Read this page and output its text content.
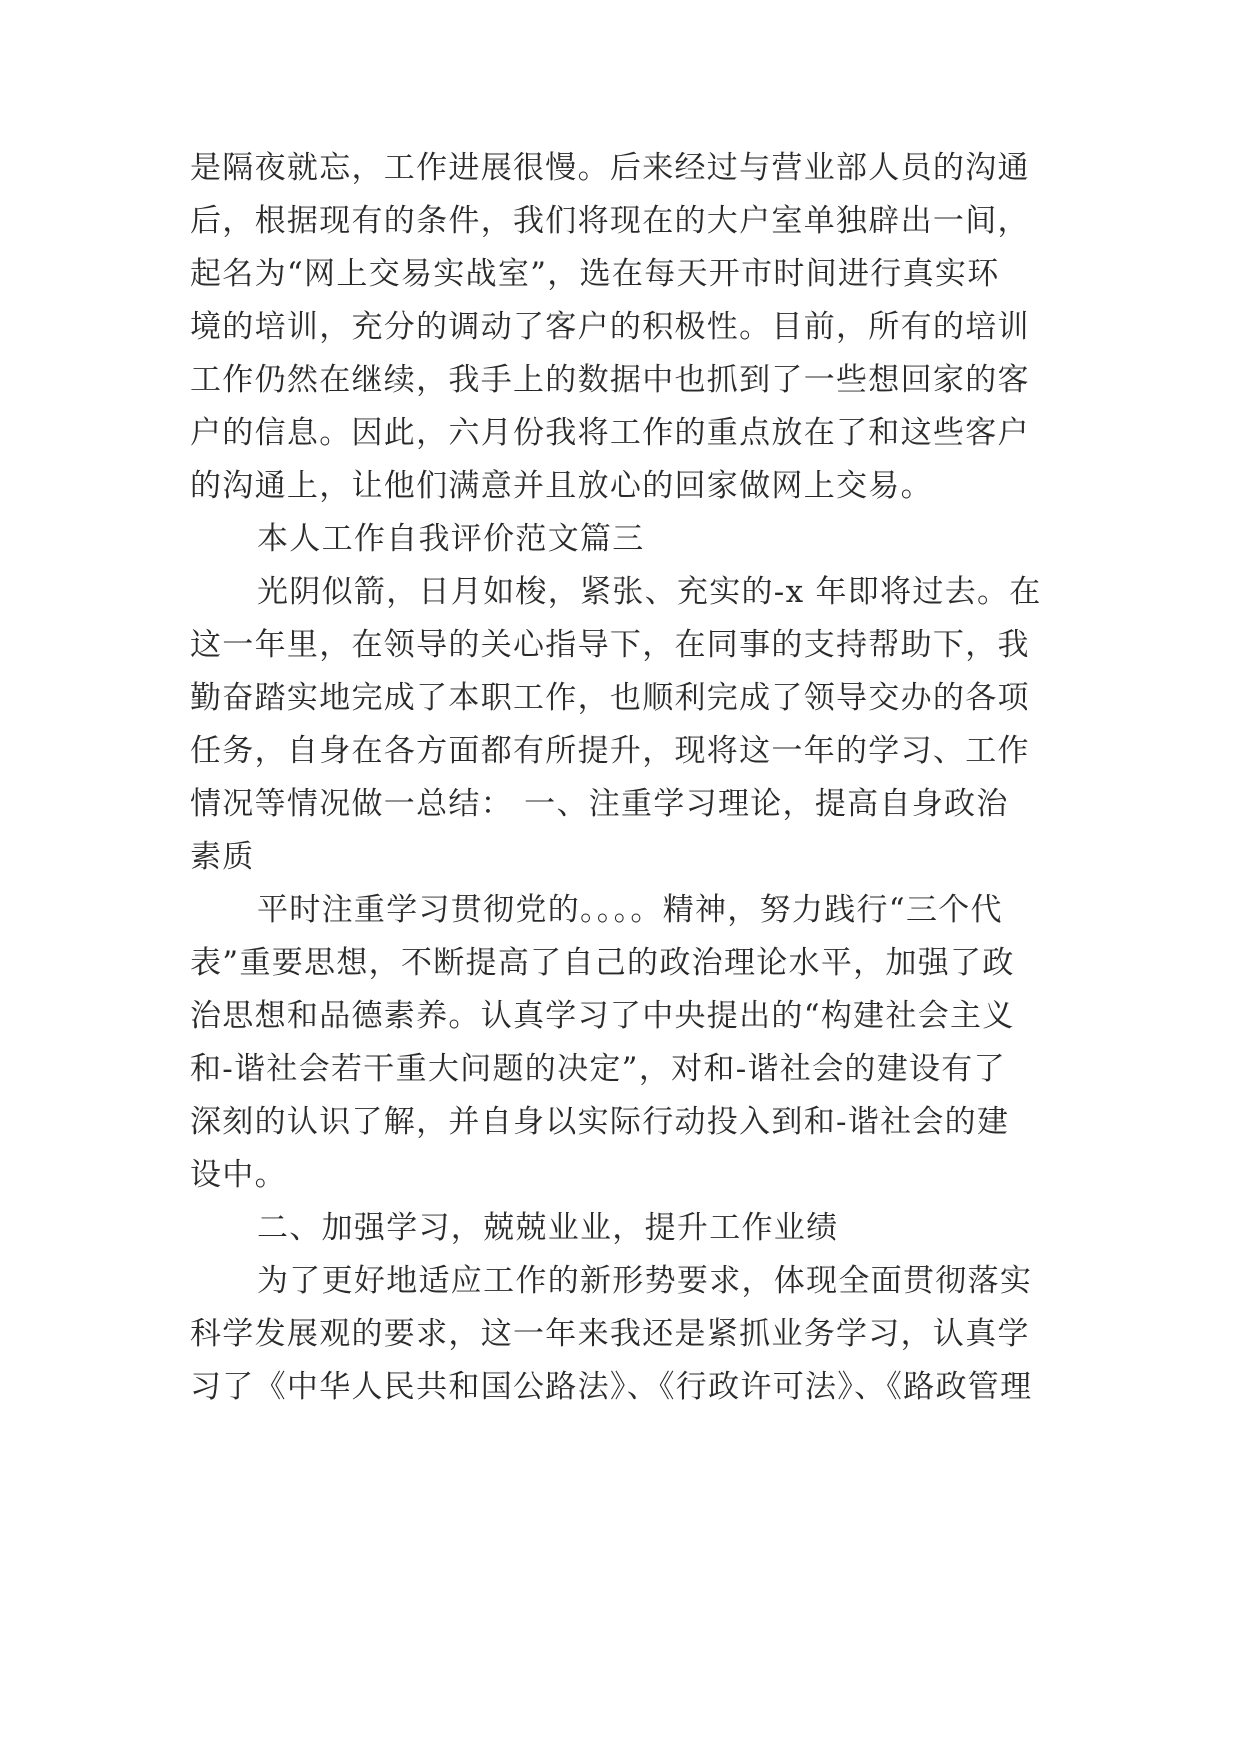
是隔夜就忘，工作进展很慢。后来经过与营业部人员的沟通
后，根据现有的条件，我们将现在的大户室单独辟出一间，
起名为“网上交易实战室”，选在每天开市时间进行真实环
境的培训，充分的调动了客户的积极性。目前，所有的培训
工作仍然在继续，我手上的数据中也抓到了一些想回家的客
户的信息。因此，六月份我将工作的重点放在了和这些客户
的沟通上，让他们满意并且放心的回家做网上交易。
本人工作自我评价范文篇三
光阴似箭，日月如梭，紧张、充实的-x 年即将过去。在
这一年里，在领导的关心指导下，在同事的支持帮助下，我
勤奋踏实地完成了本职工作，也顺利完成了领导交办的各项
任务，自身在各方面都有所提升，现将这一年的学习、工作
情况等情况做一总结： 一、注重学习理论，提高自身政治
素质
平时注重学习贯彻党的。。。。精神，努力践行“三个代
表”重要思想，不断提高了自己的政治理论水平，加强了政
治思想和品德素养。认真学习了中央提出的“构建社会主义
和-谐社会若干重大问题的决定”，对和-谐社会的建设有了
深刻的认识了解，并自身以实际行动投入到和-谐社会的建
设中。
二、加强学习，兢兢业业，提升工作业绩
为了更好地适应工作的新形势要求，体现全面贯彻落实
科学发展观的要求，这一年来我还是紧抓业务学习，认真学
习了《中华人民共和国公路法》、《行政许可法》、《路政管理
